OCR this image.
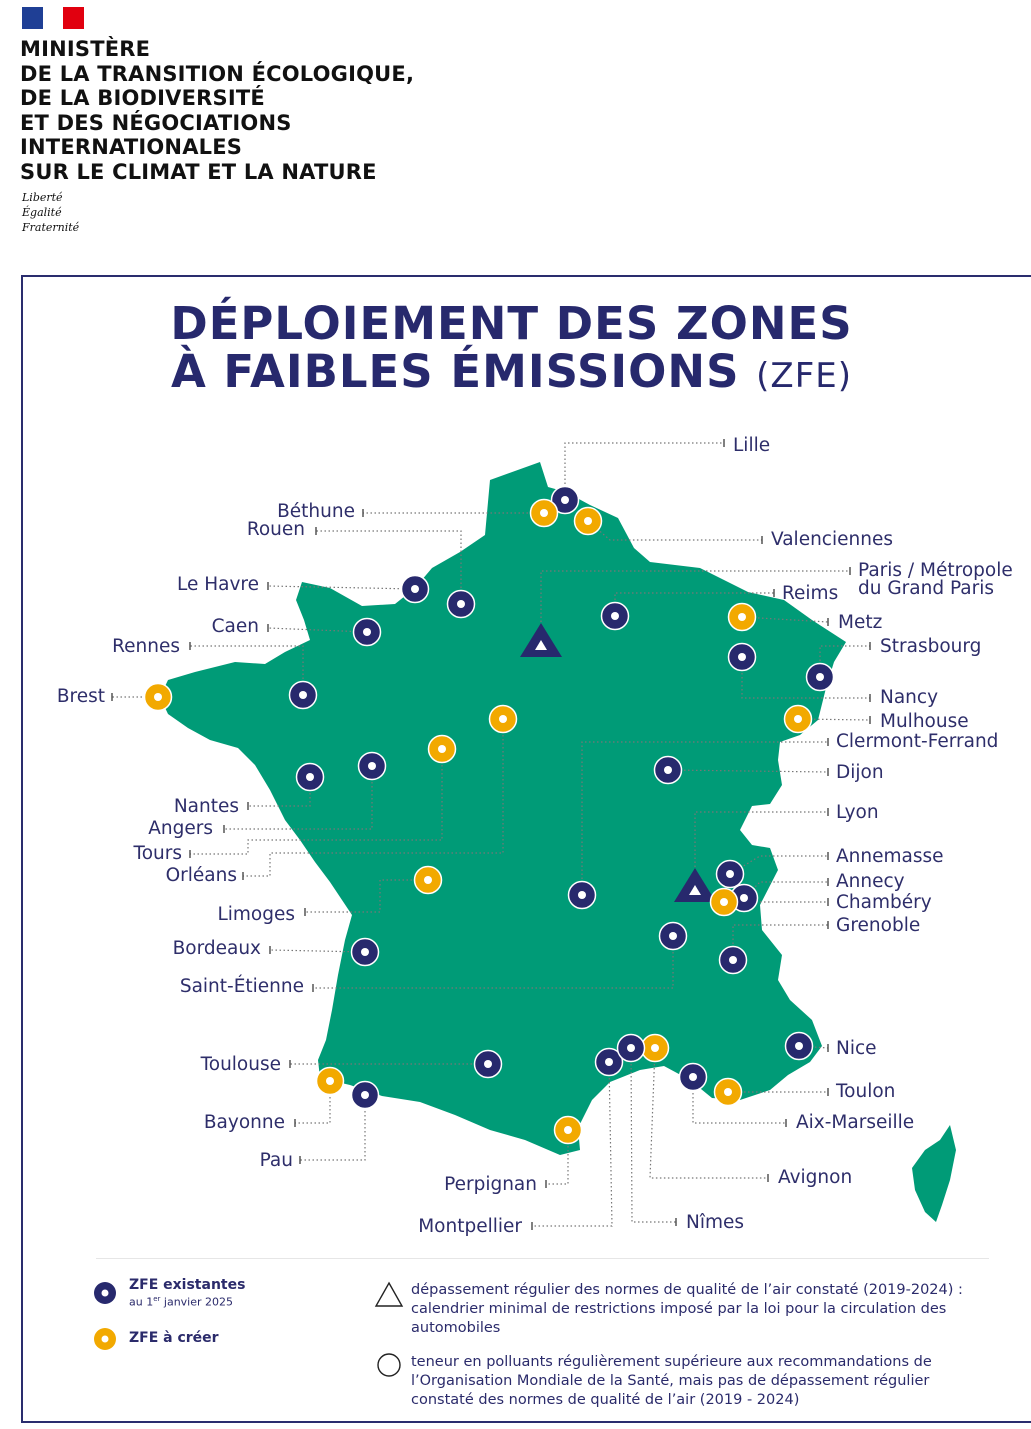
MINISTÈRE
DE LA TRANSITION ÉCOLOGIQUE,
DE LA BIODIVERSITÉ
ET DES NÉGOCIATIONS
INTERNATIONALES
SUR LE CLIMAT ET LA NATURE
Liberté
Égalité
Fraternité
DÉPLOIEMENT DES ZONES
À FAIBLES ÉMISSIONS (ZFE)
Lille
Béthune
Rouen	Valenciennes
Paris / Métropole
du Grand Paris
Le Havre	Reims
Metz
Caen
Strasbourg
Rennes
Brest	Nancy
Mulhouse
Clermont-Ferrand
Dijon
Nantes
Angers
Lyon
Tours
Orléans
Annemasse
Annecy
Chambéry
Limoges
Grenoble
Bordeaux
Saint-Étienne
Nice
Toulouse
Toulon
Bayonne	Aix-Marseille
Pau
Avignon
Perpignan
Montpellier	Nîmes
ZFE existantes
au 1er janvier 2025
ZFE à créer
dépassement régulier des normes de qualité de l’air constaté (2019-2024) : calendrier minimal de restrictions imposé par la loi pour la circulation des automobiles
teneur en polluants régulièrement supérieure aux recommandations de l’Organisation Mondiale de la Santé, mais pas de dépassement régulier constaté des normes de qualité de l’air (2019 - 2024)
